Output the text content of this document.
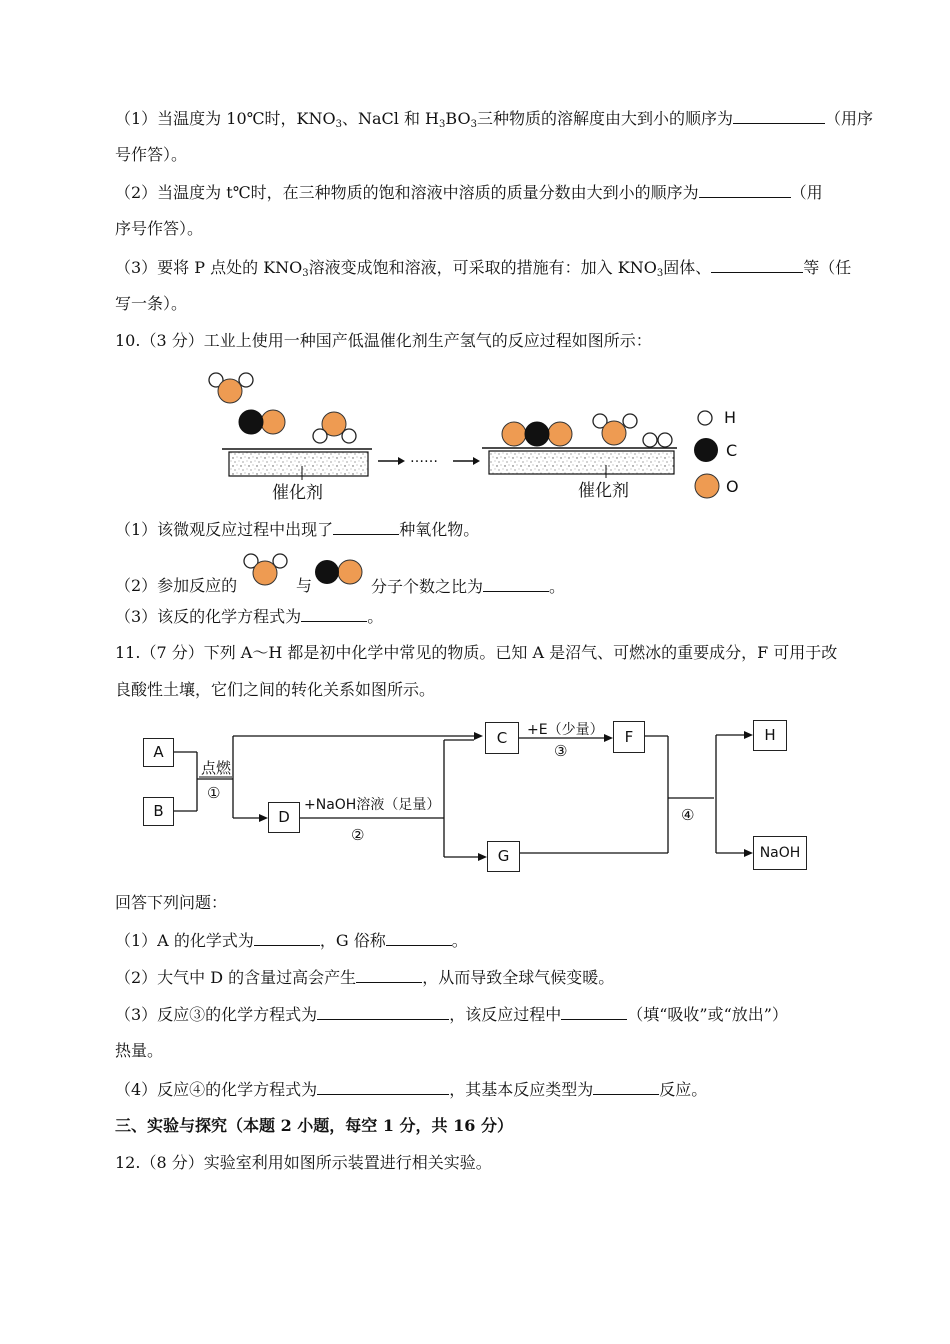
（1）当温度为 10℃时，$KNO_3$、NaCl 和 $H_3BO_3$三种物质的溶解度由大到小的顺序为	（用序
号作答）。
（2）当温度为 t℃时，在三种物质的饱和溶液中溶质的质量分数由大到小的顺序为	（用
序号作答）。
（3）要将 P 点处的 $KNO_3$溶液变成饱和溶液，可采取的措施有：加入 $KNO_3$固体、	等（任
写一条）。
10.（3 分）工业上使用一种国产低温催化剂生产氢气的反应过程如图所示：
催化剂	催化剂
……
H
C
O
（1）该微观反应过程中出现了	种氧化物。
（2）参加反应的	与	分子个数之比为	。
（3）该反的化学方程式为	。
11.（7 分）下列 A～H 都是初中化学中常见的物质。已知 A 是沼气、可燃冰的重要成分，F 可用于改
良酸性土壤，它们之间的转化关系如图所示。
A
B
C
D
F
G
H
NaOH
点燃
①
+NaOH溶液（足量）
②
+E（少量）
③
④
回答下列问题：
（1）A 的化学式为	，G 俗称	。
（2）大气中 D 的含量过高会产生	，从而导致全球气候变暖。
（3）反应③的化学方程式为	，该反应过程中	（填“吸收”或“放出”）
热量。
（4）反应④的化学方程式为	，其基本反应类型为	反应。
三、实验与探究（本题 2 小题，每空 1 分，共 16 分）
12.（8 分）实验室利用如图所示装置进行相关实验。
